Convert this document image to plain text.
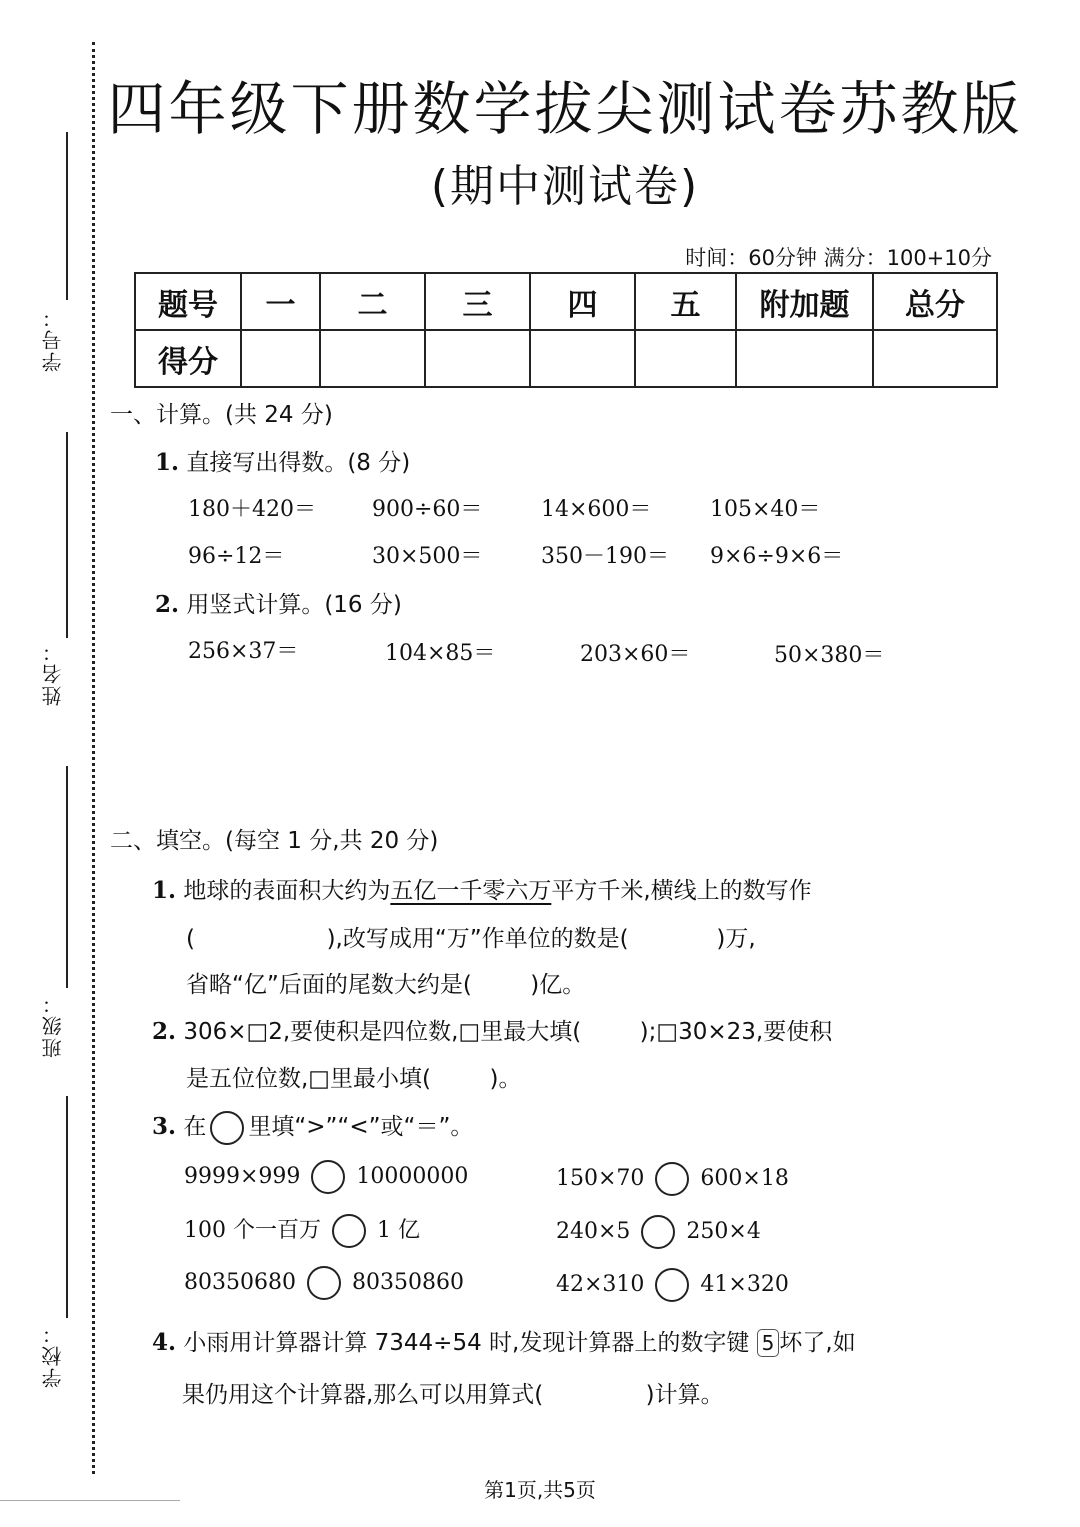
学号：
姓名：
班级：
学校：
四年级下册数学拔尖测试卷苏教版
(期中测试卷)
时间：60分钟 满分：100+10分
题号	一	二	三	四	五	附加题	总分
得分							
一、计算。(共 24 分)
1. 直接写出得数。(8 分)
180＋420＝	900÷60＝	14×600＝	105×40＝
96÷12＝	30×500＝	350－190＝ 9×6÷9×6＝
2. 用竖式计算。(16 分)
256×37＝	104×85＝	203×60＝	50×380＝
二、填空。(每空 1 分,共 20 分)
1. 地球的表面积大约为五亿一千零六万平方千米,横线上的数写作
(                  ),改写成用“万”作单位的数是(            )万,
省略“亿”后面的尾数大约是(        )亿。
2. 306×□2,要使积是四位数,□里最大填(        );□30×23,要使积
是五位位数,□里最小填(        )。
3. 在 里填“>”“<”或“＝”。
9999×999	10000000	150×70	600×18
100 个一百万	1 亿	240×5	250×4
80350680	80350860	42×310	41×320
4. 小雨用计算器计算 7344÷54 时,发现计算器上的数字键 5 坏了,如
果仍用这个计算器,那么可以用算式(              )计算。
第1页,共5页
